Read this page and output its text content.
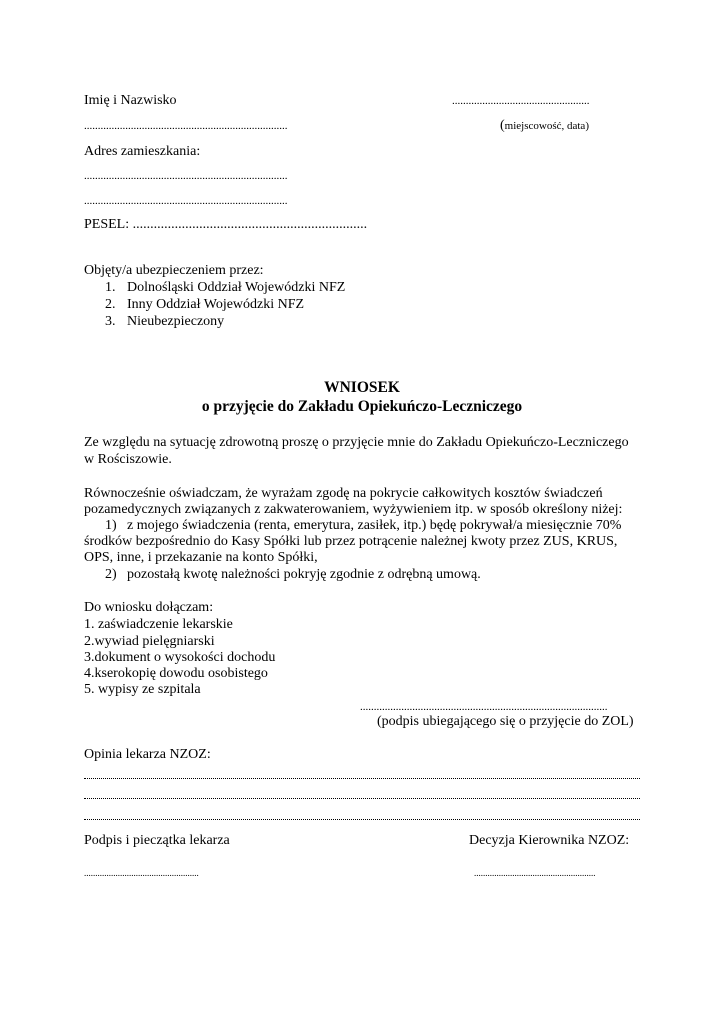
Imię i Nazwisko	..................................................
..........................................................................	(miejscowość, data)
Adres zamieszkania:
..........................................................................
..........................................................................
PESEL: ...................................................................
Objęty/a ubezpieczeniem przez:
1. Dolnośląski Oddział Wojewódzki NFZ
2. Inny Oddział Wojewódzki NFZ
3. Nieubezpieczony
WNIOSEK
o przyjęcie do Zakładu Opiekuńczo-Leczniczego
Ze względu na sytuację zdrowotną proszę o przyjęcie mnie do Zakładu Opiekuńczo-Leczniczego
w Rościszowie.
Równocześnie oświadczam, że wyrażam zgodę na pokrycie całkowitych kosztów świadczeń
pozamedycznych związanych z zakwaterowaniem, wyżywieniem itp. w sposób określony niżej:
1) z mojego świadczenia (renta, emerytura, zasiłek, itp.) będę pokrywał/a miesięcznie 70%
środków bezpośrednio do Kasy Spółki lub przez potrącenie należnej kwoty przez ZUS, KRUS,
OPS, inne, i przekazanie na konto Spółki,
2) pozostałą kwotę należności pokryję zgodnie z odrębną umową.
Do wniosku dołączam:
1. zaświadczenie lekarskie
2.wywiad pielęgniarski
3.dokument o wysokości dochodu
4.kserokopię dowodu osobistego
5. wypisy ze szpitala
..........................................................................................
(podpis ubiegającego się o przyjęcie do ZOL)
Opinia lekarza NZOZ:
Podpis i pieczątka lekarza	Decyzja Kierownika NZOZ:
...................................................	......................................................
